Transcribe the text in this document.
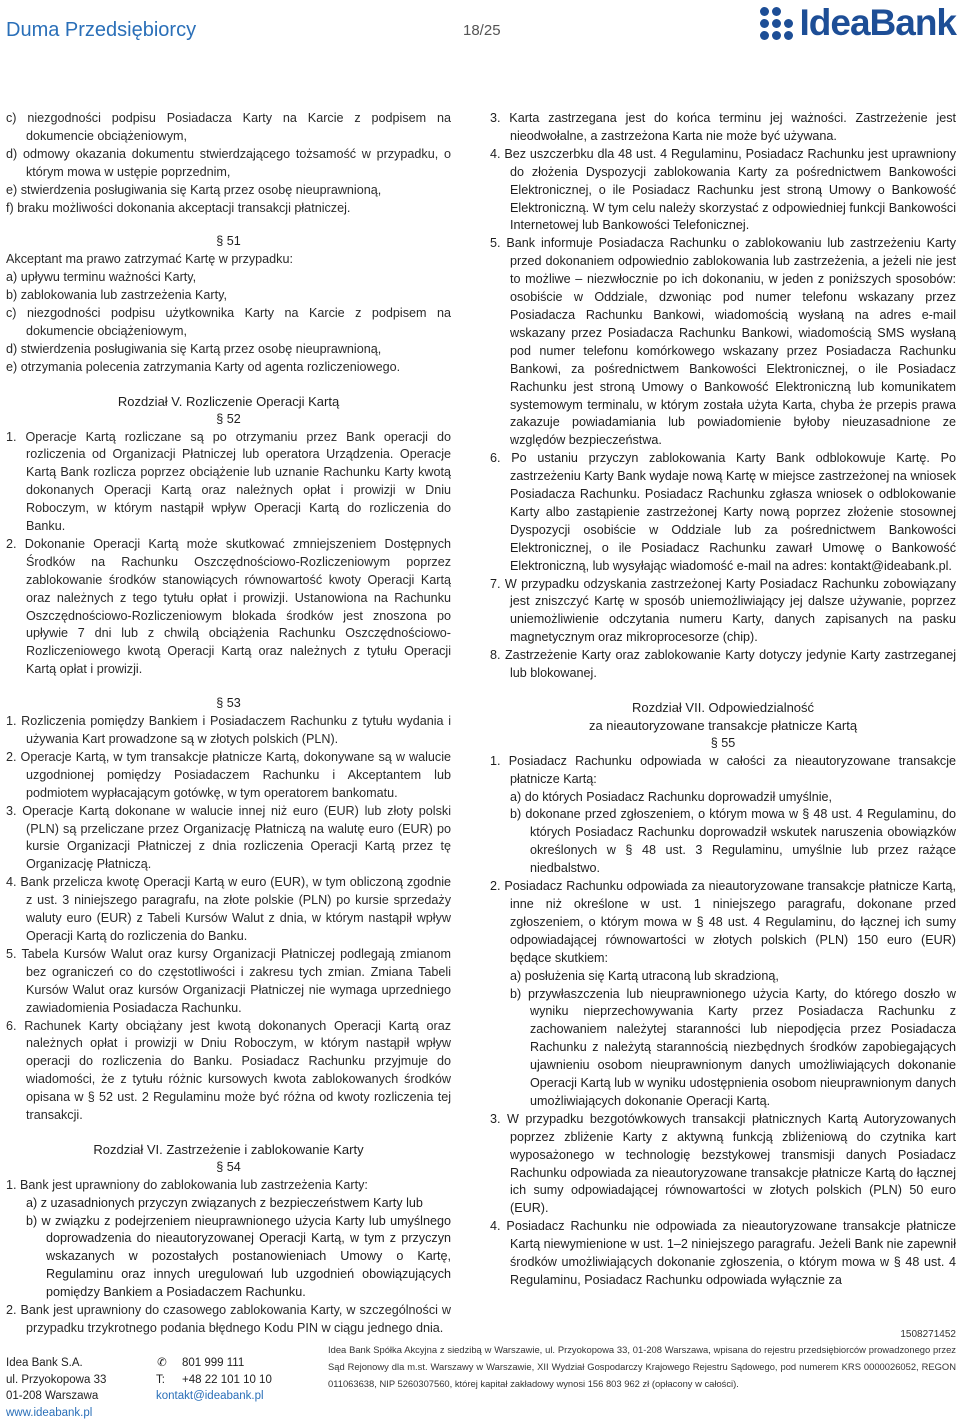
Duma Przedsiębiorcy	18/25	IdeaBank

c) niezgodności podpisu Posiadacza Karty na Karcie z podpisem na dokumencie obciążeniowym,

d) odmowy okazania dokumentu stwierdzającego tożsamość w przypadku, o którym mowa w ustępie poprzednim,

e) stwierdzenia posługiwania się Kartą przez osobę nieuprawnioną,

f) braku możliwości dokonania akceptacji transakcji płatniczej.

§ 51

Akceptant ma prawo zatrzymać Kartę w przypadku:

a) upływu terminu ważności Karty,

b) zablokowania lub zastrzeżenia Karty,

c) niezgodności podpisu użytkownika Karty na Karcie z podpisem na dokumencie obciążeniowym,

d) stwierdzenia posługiwania się Kartą przez osobę nieuprawnioną,

e) otrzymania polecenia zatrzymania Karty od agenta rozliczeniowego.

Rozdział V. Rozliczenie Operacji Kartą

§ 52

1. Operacje Kartą rozliczane są po otrzymaniu przez Bank operacji do rozliczenia od Organizacji Płatniczej lub operatora Urządzenia. Operacje Kartą Bank rozlicza poprzez obciążenie lub uznanie Rachunku Karty kwotą dokonanych Operacji Kartą oraz należnych opłat i prowizji w Dniu Roboczym, w którym nastąpił wpływ Operacji Kartą do rozliczenia do Banku.

2. Dokonanie Operacji Kartą może skutkować zmniejszeniem Dostępnych Środków na Rachunku Oszczędnościowo-Rozliczeniowym poprzez zablokowanie środków stanowiących równowartość kwoty Operacji Kartą oraz należnych z tego tytułu opłat i prowizji. Ustanowiona na Rachunku Oszczędnościowo-Rozliczeniowym blokada środków jest znoszona po upływie 7 dni lub z chwilą obciążenia Rachunku Oszczędnościowo-Rozliczeniowego kwotą Operacji Kartą oraz należnych z tytułu Operacji Kartą opłat i prowizji.

§ 53

1. Rozliczenia pomiędzy Bankiem i Posiadaczem Rachunku z tytułu wydania i używania Kart prowadzone są w złotych polskich (PLN).

2. Operacje Kartą, w tym transakcje płatnicze Kartą, dokonywane są w walucie uzgodnionej pomiędzy Posiadaczem Rachunku i Akceptantem lub podmiotem wypłacającym gotówkę, w tym operatorem bankomatu.

3. Operacje Kartą dokonane w walucie innej niż euro (EUR) lub złoty polski (PLN) są przeliczane przez Organizację Płatniczą na walutę euro (EUR) po kursie Organizacji Płatniczej z dnia rozliczenia Operacji Kartą przez tę Organizację Płatniczą.

4. Bank przelicza kwotę Operacji Kartą w euro (EUR), w tym obliczoną zgodnie z ust. 3 niniejszego paragrafu, na złote polskie (PLN) po kursie sprzedaży waluty euro (EUR) z Tabeli Kursów Walut z dnia, w którym nastąpił wpływ Operacji Kartą do rozliczenia do Banku.

5. Tabela Kursów Walut oraz kursy Organizacji Płatniczej podlegają zmianom bez ograniczeń co do częstotliwości i zakresu tych zmian. Zmiana Tabeli Kursów Walut oraz kursów Organizacji Płatniczej nie wymaga uprzedniego zawiadomienia Posiadacza Rachunku.

6. Rachunek Karty obciążany jest kwotą dokonanych Operacji Kartą oraz należnych opłat i prowizji w Dniu Roboczym, w którym nastąpił wpływ operacji do rozliczenia do Banku. Posiadacz Rachunku przyjmuje do wiadomości, że z tytułu różnic kursowych kwota zablokowanych środków opisana w § 52 ust. 2 Regulaminu może być różna od kwoty rozliczenia tej transakcji.

Rozdział VI. Zastrzeżenie i zablokowanie Karty

§ 54

1. Bank jest uprawniony do zablokowania lub zastrzeżenia Karty:

a) z uzasadnionych przyczyn związanych z bezpieczeństwem Karty lub

b) w związku z podejrzeniem nieuprawnionego użycia Karty lub umyślnego doprowadzenia do nieautoryzowanej Operacji Kartą, w tym z przyczyn wskazanych w pozostałych postanowieniach Umowy o Kartę, Regulaminu oraz innych uregulowań lub uzgodnień obowiązujących pomiędzy Bankiem a Posiadaczem Rachunku.

2. Bank jest uprawniony do czasowego zablokowania Karty, w szczególności w przypadku trzykrotnego podania błędnego Kodu PIN w ciągu jednego dnia.

3. Karta zastrzegana jest do końca terminu jej ważności. Zastrzeżenie jest nieodwołalne, a zastrzeżona Karta nie może być używana.

4. Bez uszczerbku dla 48 ust. 4 Regulaminu, Posiadacz Rachunku jest uprawniony do złożenia Dyspozycji zablokowania Karty za pośrednictwem Bankowości Elektronicznej, o ile Posiadacz Rachunku jest stroną Umowy o Bankowość Elektroniczną. W tym celu należy skorzystać z odpowiedniej funkcji Bankowości Internetowej lub Bankowości Telefonicznej.

5. Bank informuje Posiadacza Rachunku o zablokowaniu lub zastrzeżeniu Karty przed dokonaniem odpowiednio zablokowania lub zastrzeżenia, a jeżeli nie jest to możliwe – niezwłocznie po ich dokonaniu, w jeden z poniższych sposobów: osobiście w Oddziale, dzwoniąc pod numer telefonu wskazany przez Posiadacza Rachunku Bankowi, wiadomością wysłaną na adres e-mail wskazany przez Posiadacza Rachunku Bankowi, wiadomością SMS wysłaną pod numer telefonu komórkowego wskazany przez Posiadacza Rachunku Bankowi, za pośrednictwem Bankowości Elektronicznej, o ile Posiadacz Rachunku jest stroną Umowy o Bankowość Elektroniczną lub komunikatem systemowym terminalu, w którym została użyta Karta, chyba że przepis prawa zakazuje powiadamiania lub powiadomienie byłoby nieuzasadnione ze względów bezpieczeństwa.

6. Po ustaniu przyczyn zablokowania Karty Bank odblokowuje Kartę. Po zastrzeżeniu Karty Bank wydaje nową Kartę w miejsce zastrzeżonej na wniosek Posiadacza Rachunku. Posiadacz Rachunku zgłasza wniosek o odblokowanie Karty albo zastąpienie zastrzeżonej Karty nową poprzez złożenie stosownej Dyspozycji osobiście w Oddziale lub za pośrednictwem Bankowości Elektronicznej, o ile Posiadacz Rachunku zawarł Umowę o Bankowość Elektroniczną, lub wysyłając wiadomość e-mail na adres: kontakt@ideabank.pl.

7. W przypadku odzyskania zastrzeżonej Karty Posiadacz Rachunku zobowiązany jest zniszczyć Kartę w sposób uniemożliwiający jej dalsze używanie, poprzez uniemożliwienie odczytania numeru Karty, danych zapisanych na pasku magnetycznym oraz mikroprocesorze (chip).

8. Zastrzeżenie Karty oraz zablokowanie Karty dotyczy jedynie Karty zastrzeganej lub blokowanej.

Rozdział VII. Odpowiedzialność

za nieautoryzowane transakcje płatnicze Kartą

§ 55

1. Posiadacz Rachunku odpowiada w całości za nieautoryzowane transakcje płatnicze Kartą:

a) do których Posiadacz Rachunku doprowadził umyślnie,

b) dokonane przed zgłoszeniem, o którym mowa w § 48 ust. 4 Regulaminu, do których Posiadacz Rachunku doprowadził wskutek naruszenia obowiązków określonych w § 48 ust. 3 Regulaminu, umyślnie lub przez rażące niedbalstwo.

2. Posiadacz Rachunku odpowiada za nieautoryzowane transakcje płatnicze Kartą, inne niż określone w ust. 1 niniejszego paragrafu, dokonane przed zgłoszeniem, o którym mowa w § 48 ust. 4 Regulaminu, do łącznej ich sumy odpowiadającej równowartości w złotych polskich (PLN) 150 euro (EUR) będące skutkiem:

a) posłużenia się Kartą utraconą lub skradzioną,

b) przywłaszczenia lub nieuprawnionego użycia Karty, do którego doszło w wyniku nieprzechowywania Karty przez Posiadacza Rachunku z zachowaniem należytej staranności lub niepodjęcia przez Posiadacza Rachunku z należytą starannością niezbędnych środków zapobiegających ujawnieniu osobom nieuprawnionym danych umożliwiających dokonanie Operacji Kartą lub w wyniku udostępnienia osobom nieuprawnionym danych umożliwiających dokonanie Operacji Kartą.

3. W przypadku bezgotówkowych transakcji płatnicznych Kartą Autoryzowanych poprzez zbliżenie Karty z aktywną funkcją zbliżeniową do czytnika kart wyposażonego w technologię bezstykowej transmisji danych Posiadacz Rachunku odpowiada za nieautoryzowane transakcje płatnicze Kartą do łącznej ich sumy odpowiadającej równowartości w złotych polskich (PLN) 50 euro (EUR).

4. Posiadacz Rachunku nie odpowiada za nieautoryzowane transakcje płatnicze Kartą niewymienione w ust. 1–2 niniejszego paragrafu. Jeżeli Bank nie zapewnił środków umożliwiających dokonanie zgłoszenia, o którym mowa w § 48 ust. 4 Regulaminu, Posiadacz Rachunku odpowiada wyłącznie za

1508271452
Idea Bank S.A.
ul. Przyokopowa 33
01-208 Warszawa
www.ideabank.pl
✆	801 999 111
T:	+48 22 101 10 10
kontakt@ideabank.pl
Idea Bank Spółka Akcyjna z siedzibą w Warszawie, ul. Przyokopowa 33, 01-208 Warszawa, wpisana do rejestru przedsiębiorców prowadzonego przez Sąd Rejonowy dla m.st. Warszawy w Warszawie, XII Wydział Gospodarczy Krajowego Rejestru Sądowego, pod numerem KRS 0000026052, REGON 011063638, NIP 5260307560, której kapitał zakładowy wynosi 156 803 962 zł (opłacony w całości).
